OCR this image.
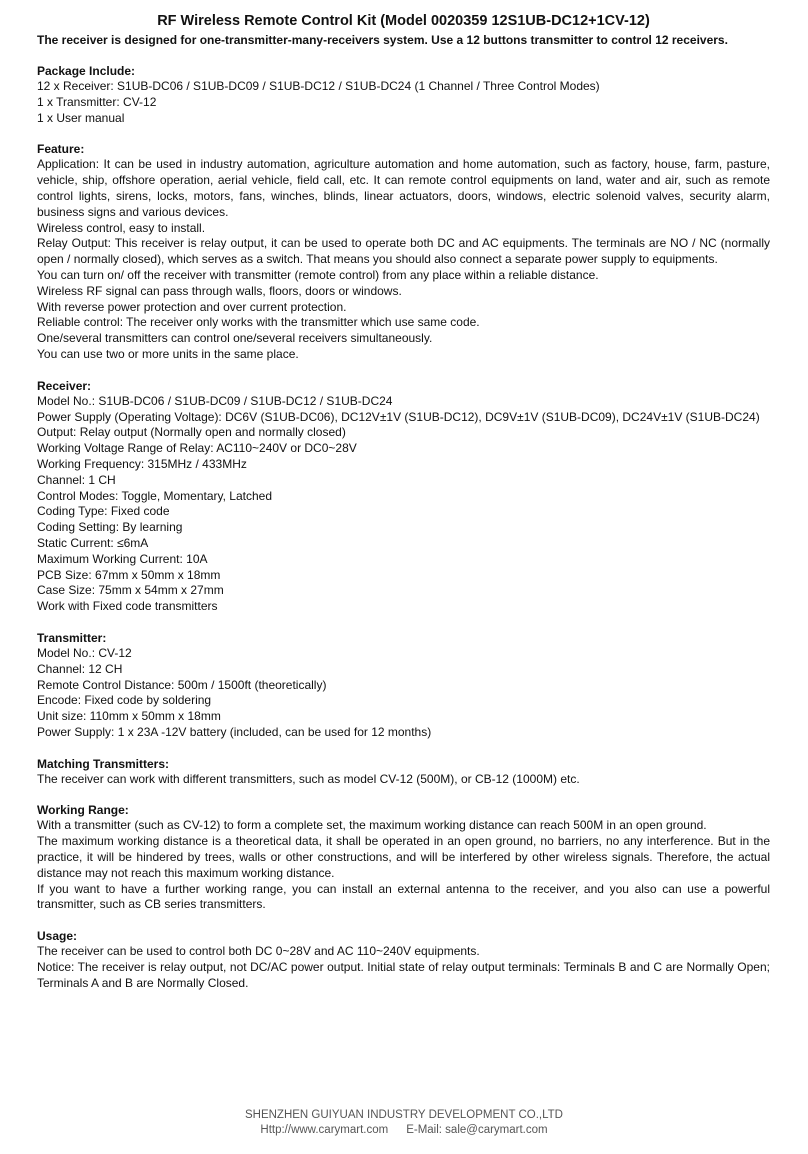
RF Wireless Remote Control Kit (Model 0020359 12S1UB-DC12+1CV-12)

The receiver is designed for one-transmitter-many-receivers system. Use a 12 buttons transmitter to control 12 receivers.

Package Include:

12 x Receiver: S1UB-DC06 / S1UB-DC09 / S1UB-DC12 / S1UB-DC24 (1 Channel / Three Control Modes)

1 x Transmitter: CV-12

1 x User manual

Feature:

Application: It can be used in industry automation, agriculture automation and home automation, such as factory, house, farm, pasture, vehicle, ship, offshore operation, aerial vehicle, field call, etc. It can remote control equipments on land, water and air, such as remote control lights, sirens, locks, motors, fans, winches, blinds, linear actuators, doors, windows, electric solenoid valves, security alarm, business signs and various devices.

Wireless control, easy to install.

Relay Output: This receiver is relay output, it can be used to operate both DC and AC equipments. The terminals are NO / NC (normally open / normally closed), which serves as a switch. That means you should also connect a separate power supply to equipments.

You can turn on/ off the receiver with transmitter (remote control) from any place within a reliable distance.

Wireless RF signal can pass through walls, floors, doors or windows.

With reverse power protection and over current protection.

Reliable control: The receiver only works with the transmitter which use same code.

One/several transmitters can control one/several receivers simultaneously.

You can use two or more units in the same place.

Receiver:

Model No.: S1UB-DC06 / S1UB-DC09 / S1UB-DC12 / S1UB-DC24

Power Supply (Operating Voltage): DC6V (S1UB-DC06), DC12V±1V (S1UB-DC12), DC9V±1V (S1UB-DC09), DC24V±1V (S1UB-DC24)

Output: Relay output (Normally open and normally closed)

Working Voltage Range of Relay: AC110~240V or DC0~28V

Working Frequency: 315MHz / 433MHz

Channel: 1 CH

Control Modes: Toggle, Momentary, Latched

Coding Type: Fixed code

Coding Setting: By learning

Static Current: ≤6mA

Maximum Working Current: 10A

PCB Size: 67mm x 50mm x 18mm

Case Size: 75mm x 54mm x 27mm

Work with Fixed code transmitters

Transmitter:

Model No.: CV-12

Channel: 12 CH

Remote Control Distance: 500m / 1500ft (theoretically)

Encode: Fixed code by soldering

Unit size: 110mm x 50mm x 18mm

Power Supply: 1 x 23A -12V battery (included, can be used for 12 months)

Matching Transmitters:

The receiver can work with different transmitters, such as model CV-12 (500M), or CB-12 (1000M) etc.

Working Range:

With a transmitter (such as CV-12) to form a complete set, the maximum working distance can reach 500M in an open ground.

The maximum working distance is a theoretical data, it shall be operated in an open ground, no barriers, no any interference. But in the practice, it will be hindered by trees, walls or other constructions, and will be interfered by other wireless signals. Therefore, the actual distance may not reach this maximum working distance.

If you want to have a further working range, you can install an external antenna to the receiver, and you also can use a powerful transmitter, such as CB series transmitters.

Usage:

The receiver can be used to control both DC 0~28V and AC 110~240V equipments.

Notice: The receiver is relay output, not DC/AC power output. Initial state of relay output terminals: Terminals B and C are Normally Open; Terminals A and B are Normally Closed.

SHENZHEN GUIYUAN INDUSTRY DEVELOPMENT CO.,LTD
Http://www.carymart.com E-Mail: sale@carymart.com
